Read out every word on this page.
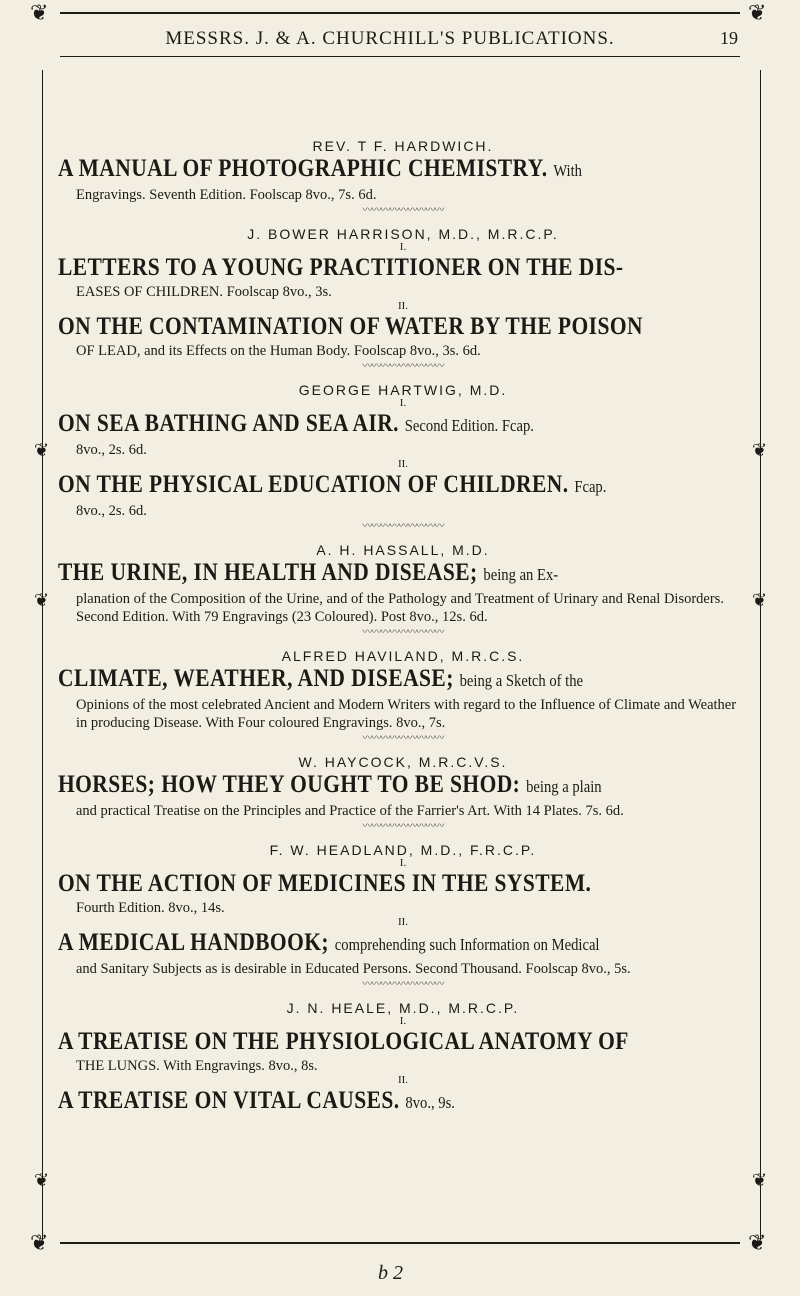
❦	❦
❦	❦
❦	❦
❦	❦
MESSRS. J. & A. CHURCHILL'S PUBLICATIONS.	19

REV. T F. HARDWICH.

A MANUAL OF PHOTOGRAPHIC CHEMISTRY. With

Engravings. Seventh Edition. Foolscap 8vo., 7s. 6d.

〰〰〰〰〰〰〰〰〰

J. BOWER HARRISON, M.D., M.R.C.P.

I.

LETTERS TO A YOUNG PRACTITIONER ON THE DIS-

EASES OF CHILDREN. Foolscap 8vo., 3s.

II.

ON THE CONTAMINATION OF WATER BY THE POISON

OF LEAD, and its Effects on the Human Body. Foolscap 8vo., 3s. 6d.

〰〰〰〰〰〰〰〰〰

GEORGE HARTWIG, M.D.

I.

ON SEA BATHING AND SEA AIR. Second Edition. Fcap.

8vo., 2s. 6d.

II.

ON THE PHYSICAL EDUCATION OF CHILDREN. Fcap.

8vo., 2s. 6d.

〰〰〰〰〰〰〰〰〰

A. H. HASSALL, M.D.

THE URINE, IN HEALTH AND DISEASE; being an Ex-

planation of the Composition of the Urine, and of the Pathology and Treatment of Urinary and Renal Disorders. Second Edition. With 79 Engravings (23 Coloured). Post 8vo., 12s. 6d.

〰〰〰〰〰〰〰〰〰

ALFRED HAVILAND, M.R.C.S.

CLIMATE, WEATHER, AND DISEASE; being a Sketch of the

Opinions of the most celebrated Ancient and Modern Writers with regard to the Influence of Climate and Weather in producing Disease. With Four coloured Engravings. 8vo., 7s.

〰〰〰〰〰〰〰〰〰

W. HAYCOCK, M.R.C.V.S.

HORSES; HOW THEY OUGHT TO BE SHOD: being a plain

and practical Treatise on the Principles and Practice of the Farrier's Art. With 14 Plates. 7s. 6d.

〰〰〰〰〰〰〰〰〰

F. W. HEADLAND, M.D., F.R.C.P.

I.

ON THE ACTION OF MEDICINES IN THE SYSTEM.

Fourth Edition. 8vo., 14s.

II.

A MEDICAL HANDBOOK; comprehending such Information on Medical

and Sanitary Subjects as is desirable in Educated Persons. Second Thousand. Foolscap 8vo., 5s.

〰〰〰〰〰〰〰〰〰

J. N. HEALE, M.D., M.R.C.P.

I.

A TREATISE ON THE PHYSIOLOGICAL ANATOMY OF

THE LUNGS. With Engravings. 8vo., 8s.

II.

A TREATISE ON VITAL CAUSES. 8vo., 9s.

❦	❦
b 2
